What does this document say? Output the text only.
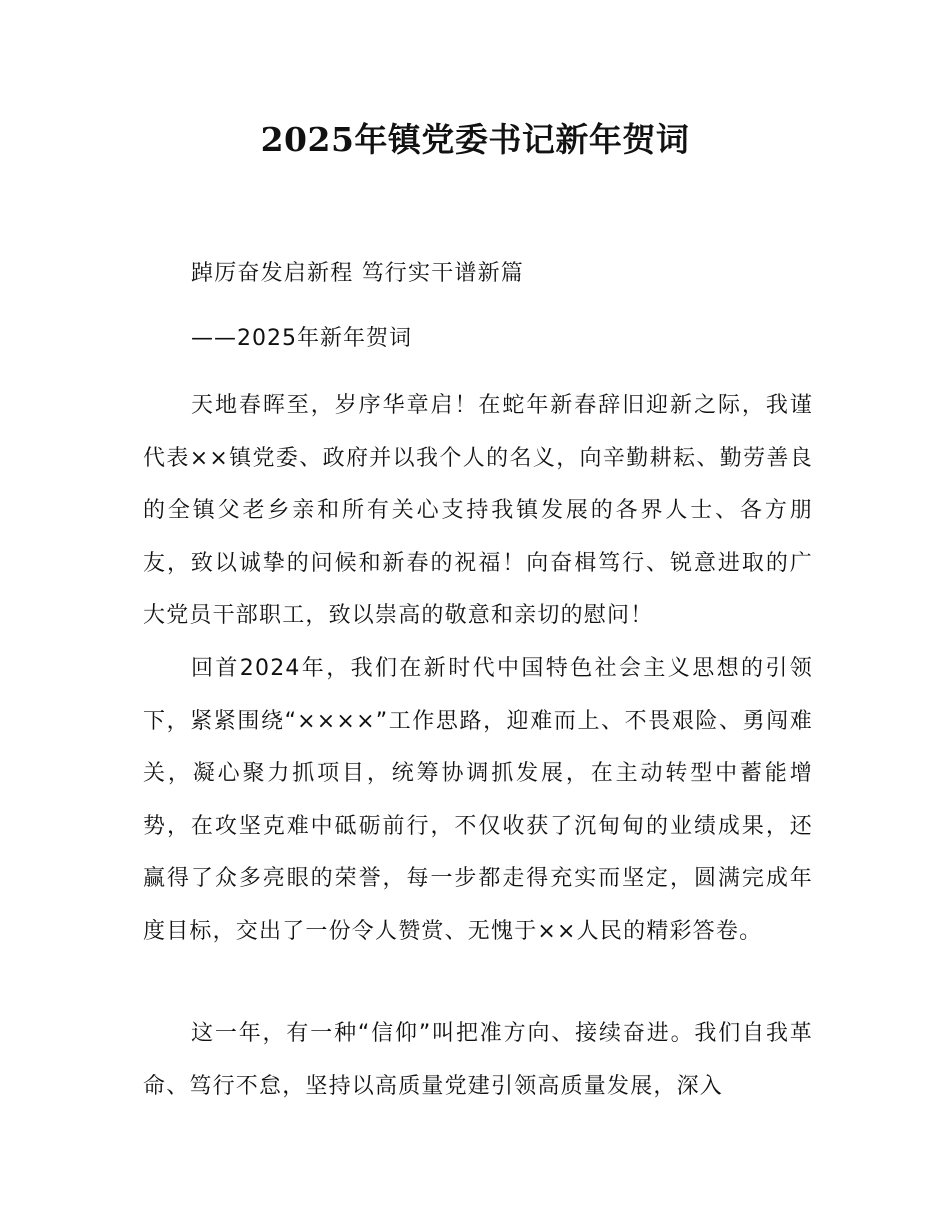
2025年镇党委书记新年贺词
踔厉奋发启新程 笃行实干谱新篇
——2025年新年贺词

天地春晖至，岁序华章启！在蛇年新春辞旧迎新之际，我谨代表××镇党委、政府并以我个人的名义，向辛勤耕耘、勤劳善良的全镇父老乡亲和所有关心支持我镇发展的各界人士、各方朋友，致以诚挚的问候和新春的祝福！向奋楫笃行、锐意进取的广大党员干部职工，致以崇高的敬意和亲切的慰问！

回首2024年，我们在新时代中国特色社会主义思想的引领下，紧紧围绕“××××”工作思路，迎难而上、不畏艰险、勇闯难关，凝心聚力抓项目，统筹协调抓发展，在主动转型中蓄能增势，在攻坚克难中砥砺前行，不仅收获了沉甸甸的业绩成果，还赢得了众多亮眼的荣誉，每一步都走得充实而坚定，圆满完成年度目标，交出了一份令人赞赏、无愧于××人民的精彩答卷。

这一年，有一种“信仰”叫把准方向、接续奋进。我们自我革命、笃行不怠，坚持以高质量党建引领高质量发展，深入
